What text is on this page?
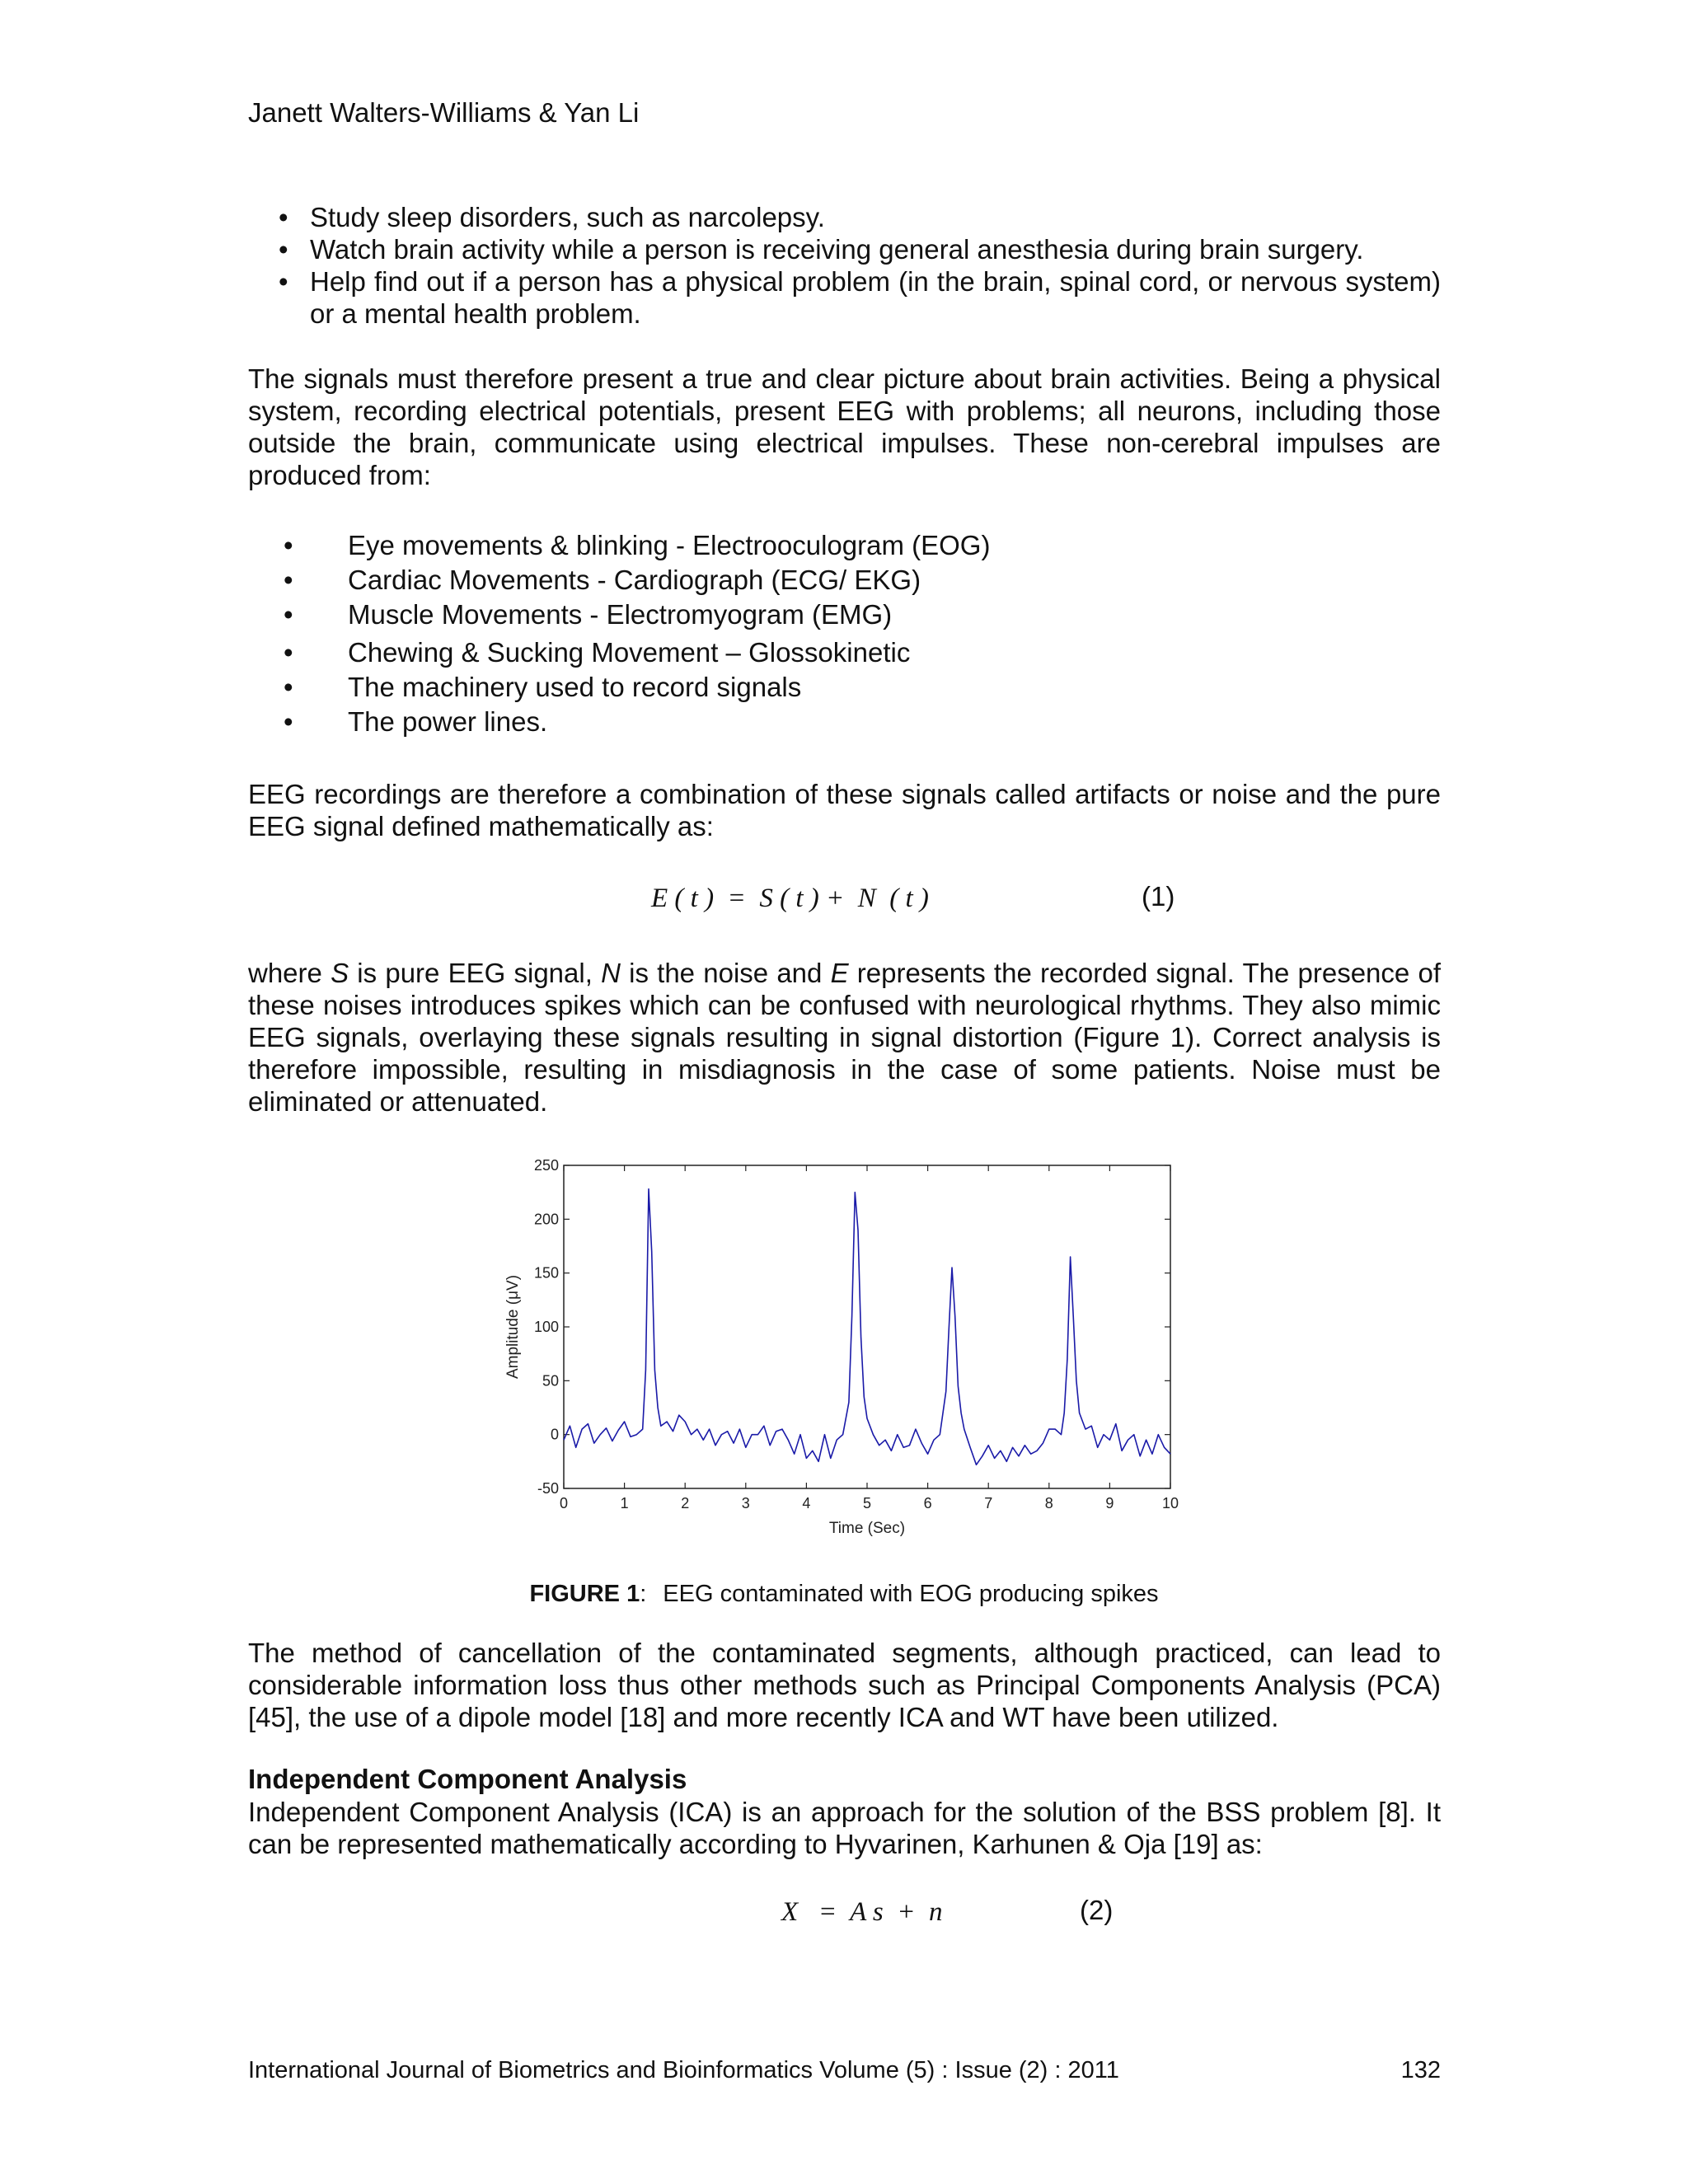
Janett Walters-Williams & Yan Li
• Study sleep disorders, such as narcolepsy.
• Watch brain activity while a person is receiving general anesthesia during brain surgery.
• Help find out if a person has a physical problem (in the brain, spinal cord, or nervous system) or a mental health problem.
The signals must therefore present a true and clear picture about brain activities. Being a physical system, recording electrical potentials, present EEG with problems; all neurons, including those outside the brain, communicate using electrical impulses. These non-cerebral impulses are produced from:
• Eye movements & blinking - Electrooculogram (EOG)
• Cardiac Movements - Cardiograph (ECG/ EKG)
• Muscle Movements - Electromyogram (EMG)
• Chewing & Sucking Movement – Glossokinetic
• The machinery used to record signals
• The power lines.
EEG recordings are therefore a combination of these signals called artifacts or noise and the pure EEG signal defined mathematically as:
E ( t )  =  S ( t ) +  N  ( t )	(1)
where S is pure EEG signal, N is the noise and E represents the recorded signal. The presence of these noises introduces spikes which can be confused with neurological rhythms. They also mimic EEG signals, overlaying these signals resulting in signal distortion (Figure 1). Correct analysis is therefore impossible, resulting in misdiagnosis in the case of some patients. Noise must be eliminated or attenuated.
0	1	2	3	4	5	6	7	8	9	10
-50
0
50
100
150
200
250
Time (Sec)
Amplitude (μV)
FIGURE 1: EEG contaminated with EOG producing spikes
The method of cancellation of the contaminated segments, although practiced, can lead to considerable information loss thus other methods such as Principal Components Analysis (PCA) [45], the use of a dipole model [18] and more recently ICA and WT have been utilized.
Independent Component Analysis
Independent Component Analysis (ICA) is an approach for the solution of the BSS problem [8]. It can be represented mathematically according to Hyvarinen, Karhunen & Oja [19] as:
X   =  A s  +  n	(2)
International Journal of Biometrics and Bioinformatics Volume (5) : Issue (2) : 2011	132
